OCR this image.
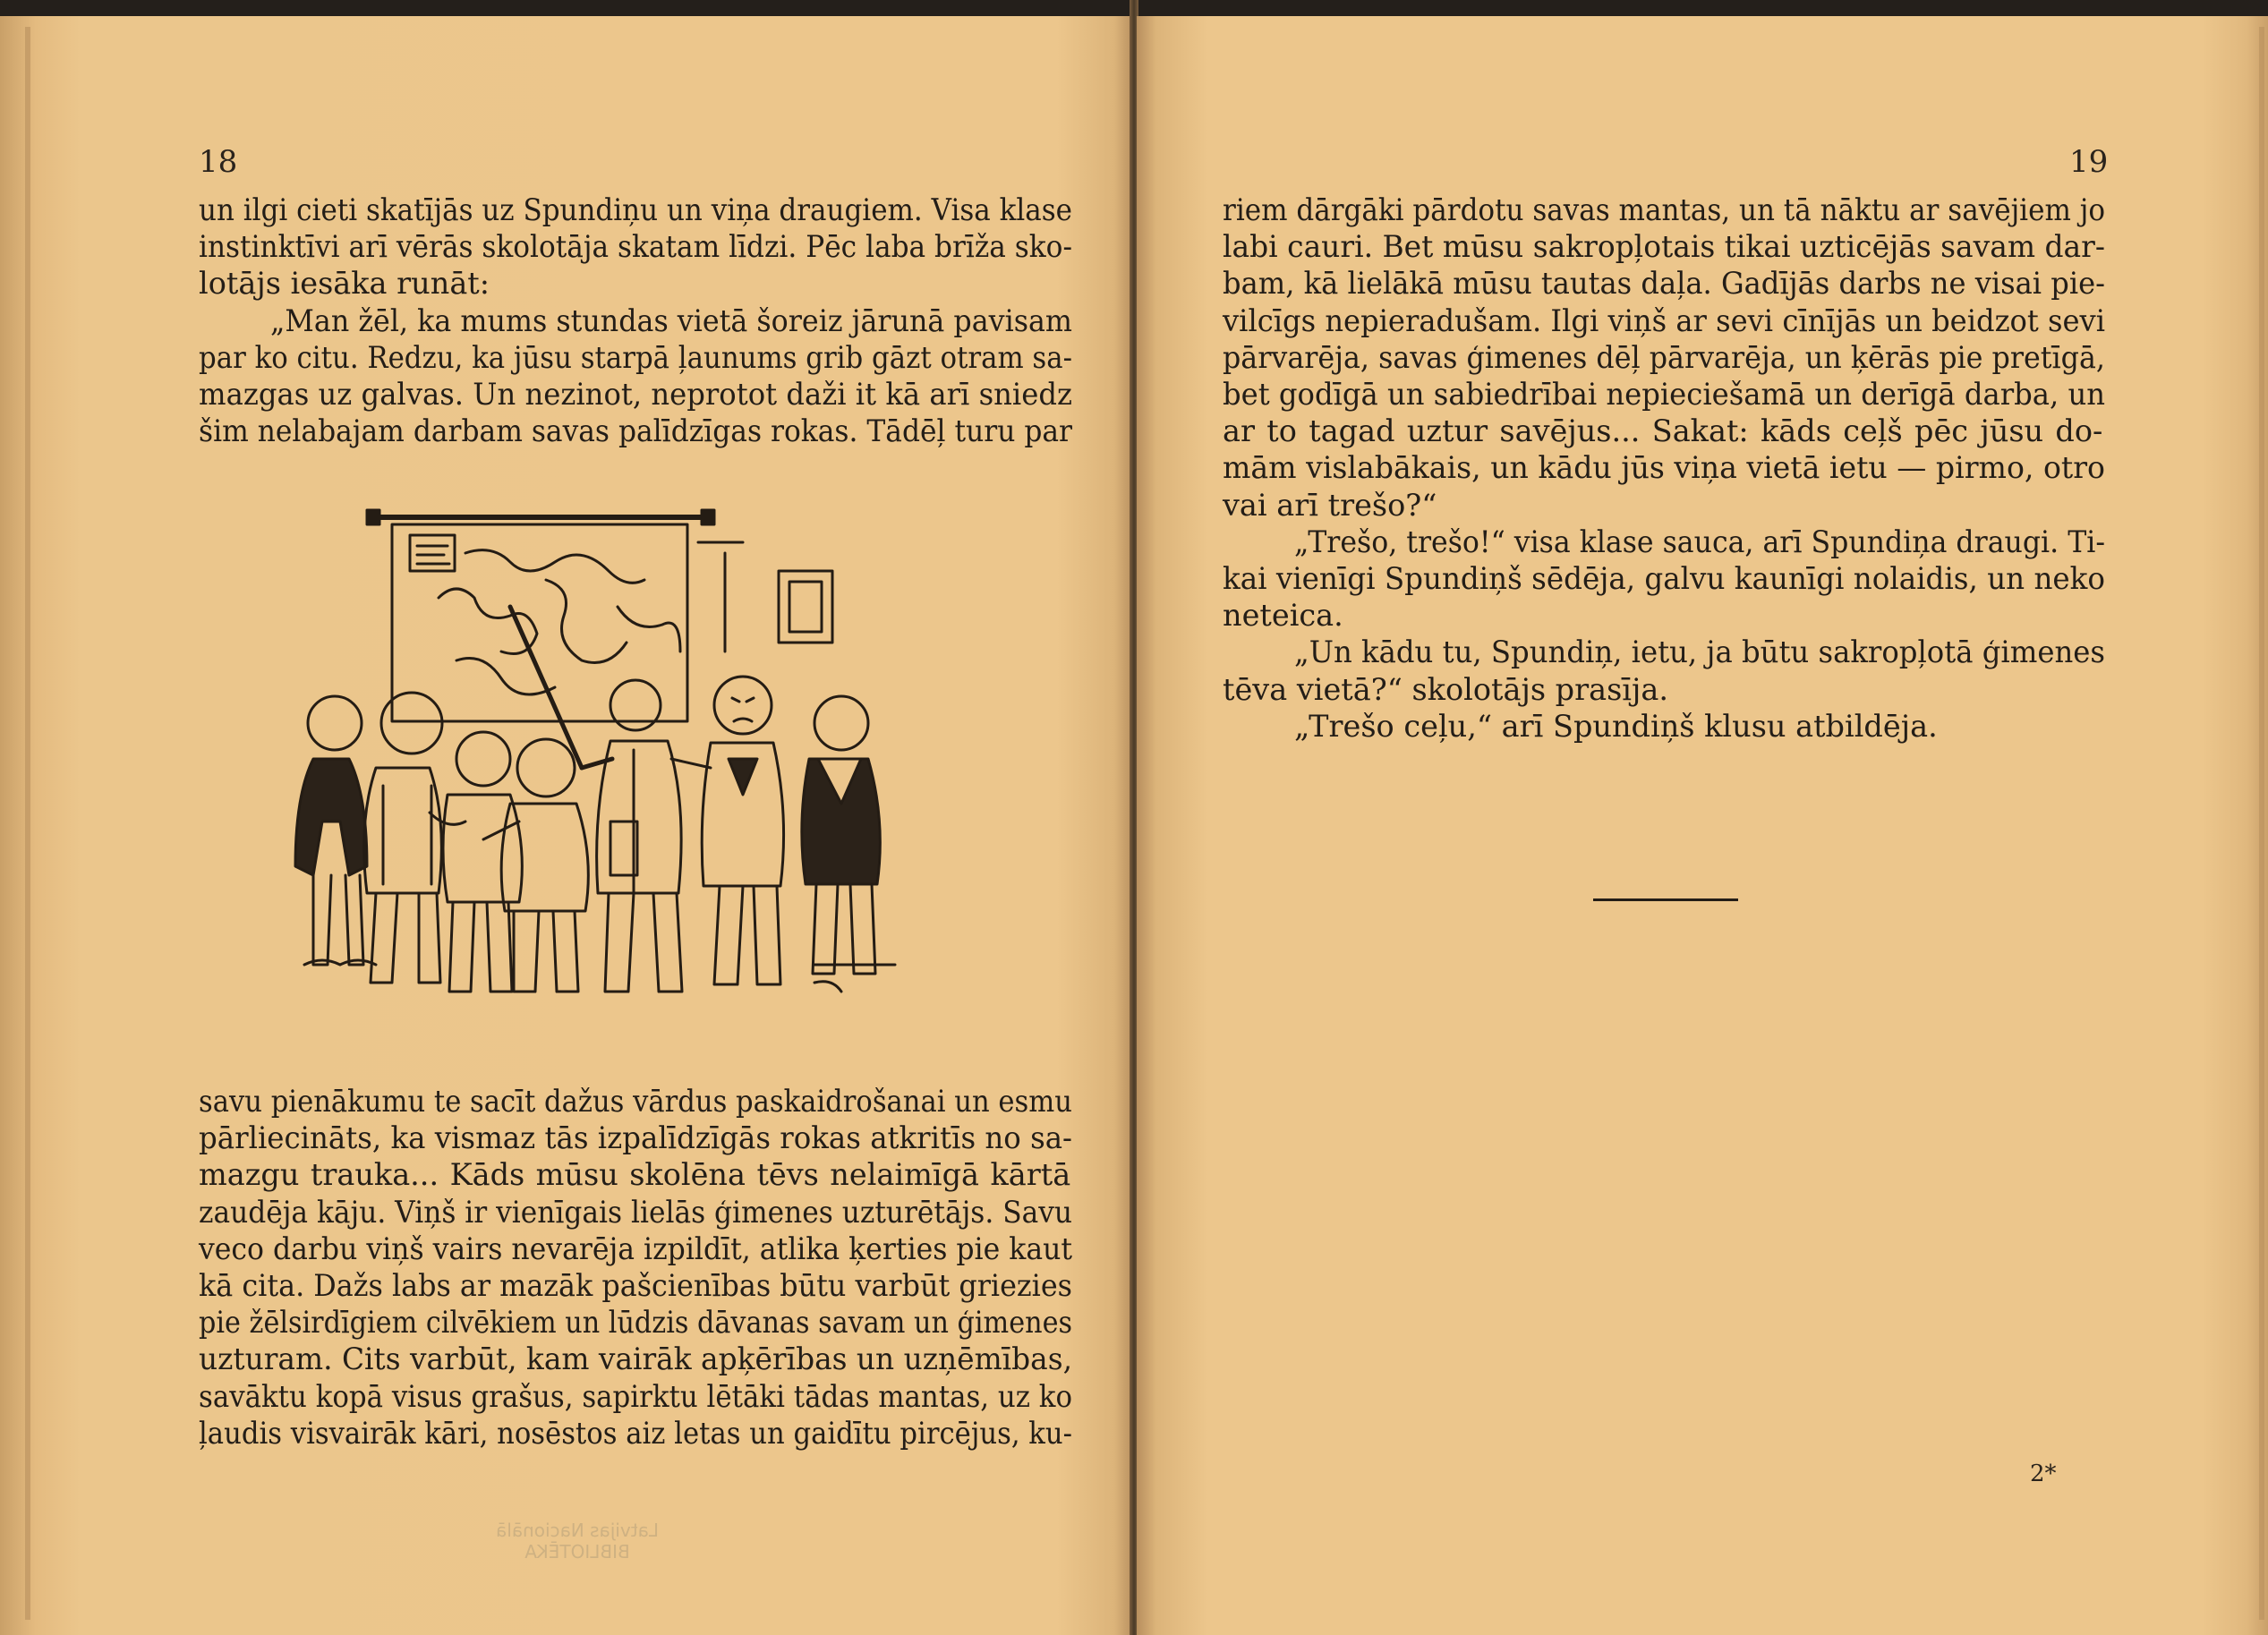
18
un ilgi cieti skatījās uz Spundiņu un viņa draugiem. Visa klase
instinktīvi arī vērās skolotāja skatam līdzi. Pēc laba brīža sko-
lotājs iesāka runāt:
„Man žēl, ka mums stundas vietā šoreiz jārunā pavisam
par ko citu. Redzu, ka jūsu starpā ļaunums grib gāzt otram sa-
mazgas uz galvas. Un nezinot, neprotot daži it kā arī sniedz
šim nelabajam darbam savas palīdzīgas rokas. Tādēļ turu par
savu pienākumu te sacīt dažus vārdus paskaidrošanai un esmu
pārliecināts, ka vismaz tās izpalīdzīgās rokas atkritīs no sa-
mazgu trauka... Kāds mūsu skolēna tēvs nelaimīgā kārtā
zaudēja kāju. Viņš ir vienīgais lielās ģimenes uzturētājs. Savu
veco darbu viņš vairs nevarēja izpildīt, atlika ķerties pie kaut
kā cita. Dažs labs ar mazāk pašcienības būtu varbūt griezies
pie žēlsirdīgiem cilvēkiem un lūdzis dāvanas savam un ģimenes
uzturam. Cits varbūt, kam vairāk apķērības un uzņēmības,
savāktu kopā visus grašus, sapirktu lētāki tādas mantas, uz ko
ļaudis visvairāk kāri, nosēstos aiz letas un gaidītu pircējus, ku-
Latvijas Nacionālā BIBLIOTĒKA
19
riem dārgāki pārdotu savas mantas, un tā nāktu ar savējiem jo
labi cauri. Bet mūsu sakropļotais tikai uzticējās savam dar-
bam, kā lielākā mūsu tautas daļa. Gadījās darbs ne visai pie-
vilcīgs nepieradušam. Ilgi viņš ar sevi cīnījās un beidzot sevi
pārvarēja, savas ģimenes dēļ pārvarēja, un ķērās pie pretīgā,
bet godīgā un sabiedrībai nepieciešamā un derīgā darba, un
ar to tagad uztur savējus... Sakat: kāds ceļš pēc jūsu do-
mām vislabākais, un kādu jūs viņa vietā ietu — pirmo, otro
vai arī trešo?“
„Trešo, trešo!“ visa klase sauca, arī Spundiņa draugi. Ti-
kai vienīgi Spundiņš sēdēja, galvu kaunīgi nolaidis, un neko
neteica.
„Un kādu tu, Spundiņ, ietu, ja būtu sakropļotā ģimenes
tēva vietā?“ skolotājs prasīja.
„Trešo ceļu,“ arī Spundiņš klusu atbildēja.
2*
